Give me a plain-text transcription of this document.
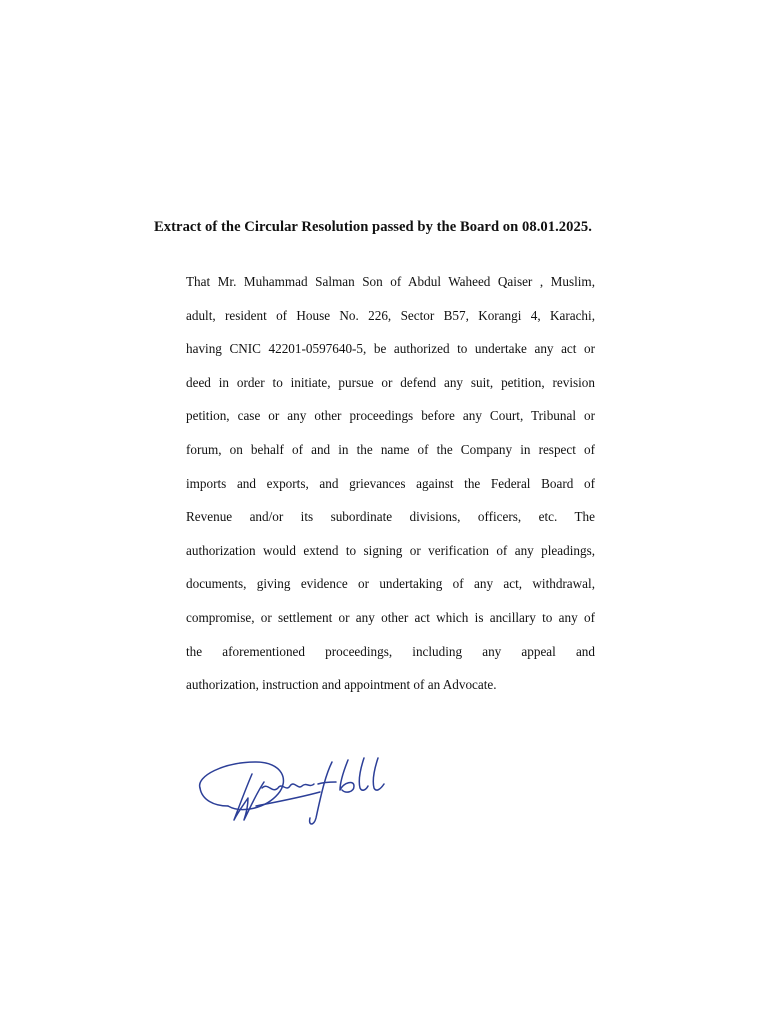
Extract of the Circular Resolution passed by the Board on 08.01.2025.
That Mr. Muhammad Salman Son of Abdul Waheed Qaiser , Muslim,
adult, resident of House No. 226, Sector B57, Korangi 4, Karachi,
having CNIC 42201-0597640-5, be authorized to undertake any act or
deed in order to initiate, pursue or defend any suit, petition, revision
petition, case or any other proceedings before any Court, Tribunal or
forum, on behalf of and in the name of the Company in respect of
imports and exports, and grievances against the Federal Board of
Revenue and/or its subordinate divisions, officers, etc. The
authorization would extend to signing or verification of any pleadings,
documents, giving evidence or undertaking of any act, withdrawal,
compromise, or settlement or any other act which is ancillary to any of
the aforementioned proceedings, including any appeal and
authorization, instruction and appointment of an Advocate.
